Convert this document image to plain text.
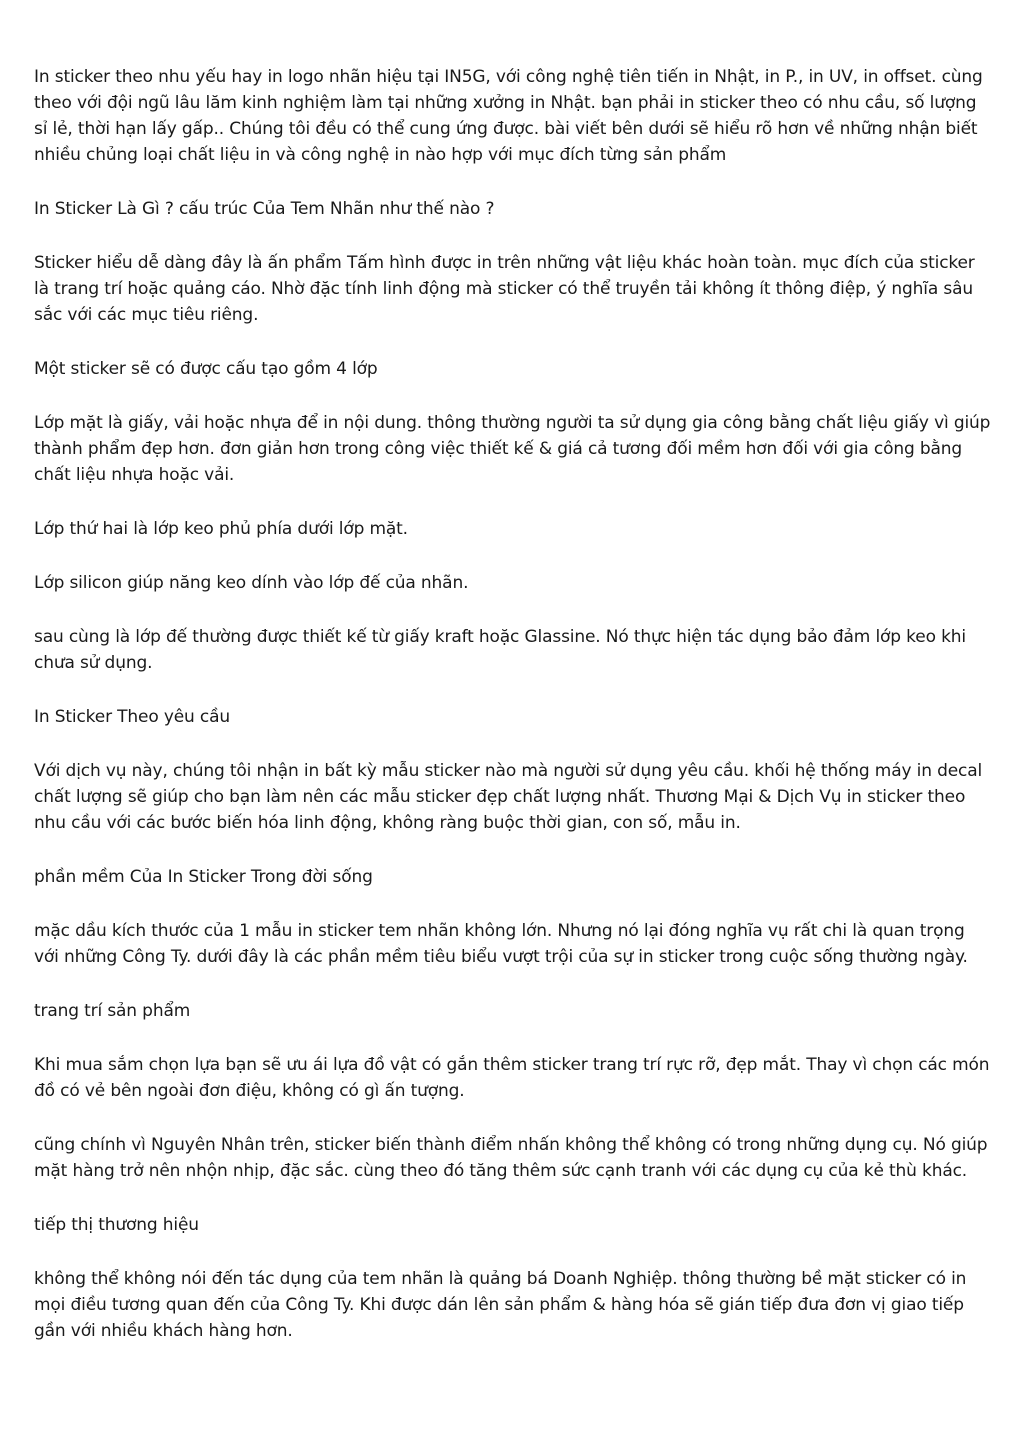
In sticker theo nhu yếu hay in logo nhãn hiệu tại IN5G, với công nghệ tiên tiến in Nhật, in P., in UV, in offset. cùng theo với đội ngũ lâu lăm kinh nghiệm làm tại những xưởng in Nhật. bạn phải in sticker theo có nhu cầu, số lượng sỉ lẻ, thời hạn lấy gấp.. Chúng tôi đều có thể cung ứng được. bài viết bên dưới sẽ hiểu rõ hơn về những nhận biết nhiều chủng loại chất liệu in và công nghệ in nào hợp với mục đích từng sản phẩm

In Sticker Là Gì ? cấu trúc Của Tem Nhãn như thế nào ?

Sticker hiểu dễ dàng đây là ấn phẩm Tấm hình được in trên những vật liệu khác hoàn toàn. mục đích của sticker là trang trí hoặc quảng cáo. Nhờ đặc tính linh động mà sticker có thể truyền tải không ít thông điệp, ý nghĩa sâu sắc với các mục tiêu riêng.

Một sticker sẽ có được cấu tạo gồm 4 lớp

Lớp mặt là giấy, vải hoặc nhựa để in nội dung. thông thường người ta sử dụng gia công bằng chất liệu giấy vì giúp thành phẩm đẹp hơn. đơn giản hơn trong công việc thiết kế & giá cả tương đối mềm hơn đối với gia công bằng chất liệu nhựa hoặc vải.

Lớp thứ hai là lớp keo phủ phía dưới lớp mặt.

Lớp silicon giúp năng keo dính vào lớp đế của nhãn.

sau cùng là lớp đế thường được thiết kế từ giấy kraft hoặc Glassine. Nó thực hiện tác dụng bảo đảm lớp keo khi chưa sử dụng.

In Sticker Theo yêu cầu

Với dịch vụ này, chúng tôi nhận in bất kỳ mẫu sticker nào mà người sử dụng yêu cầu. khối hệ thống máy in decal chất lượng sẽ giúp cho bạn làm nên các mẫu sticker đẹp chất lượng nhất. Thương Mại & Dịch Vụ in sticker theo nhu cầu với các bước biến hóa linh động, không ràng buộc thời gian, con số, mẫu in.

phần mềm Của In Sticker Trong đời sống

mặc dầu kích thước của 1 mẫu in sticker tem nhãn không lớn. Nhưng nó lại đóng nghĩa vụ rất chi là quan trọng với những Công Ty. dưới đây là các phần mềm tiêu biểu vượt trội của sự in sticker trong cuộc sống thường ngày.

trang trí sản phẩm

Khi mua sắm chọn lựa bạn sẽ ưu ái lựa đồ vật có gắn thêm sticker trang trí rực rỡ, đẹp mắt. Thay vì chọn các món đồ có vẻ bên ngoài đơn điệu, không có gì ấn tượng.

cũng chính vì Nguyên Nhân trên, sticker biến thành điểm nhấn không thể không có trong những dụng cụ. Nó giúp mặt hàng trở nên nhộn nhịp, đặc sắc. cùng theo đó tăng thêm sức cạnh tranh với các dụng cụ của kẻ thù khác.

tiếp thị thương hiệu

không thể không nói đến tác dụng của tem nhãn là quảng bá Doanh Nghiệp. thông thường bề mặt sticker có in mọi điều tương quan đến của Công Ty. Khi được dán lên sản phẩm & hàng hóa sẽ gián tiếp đưa đơn vị giao tiếp gần với nhiều khách hàng hơn.
